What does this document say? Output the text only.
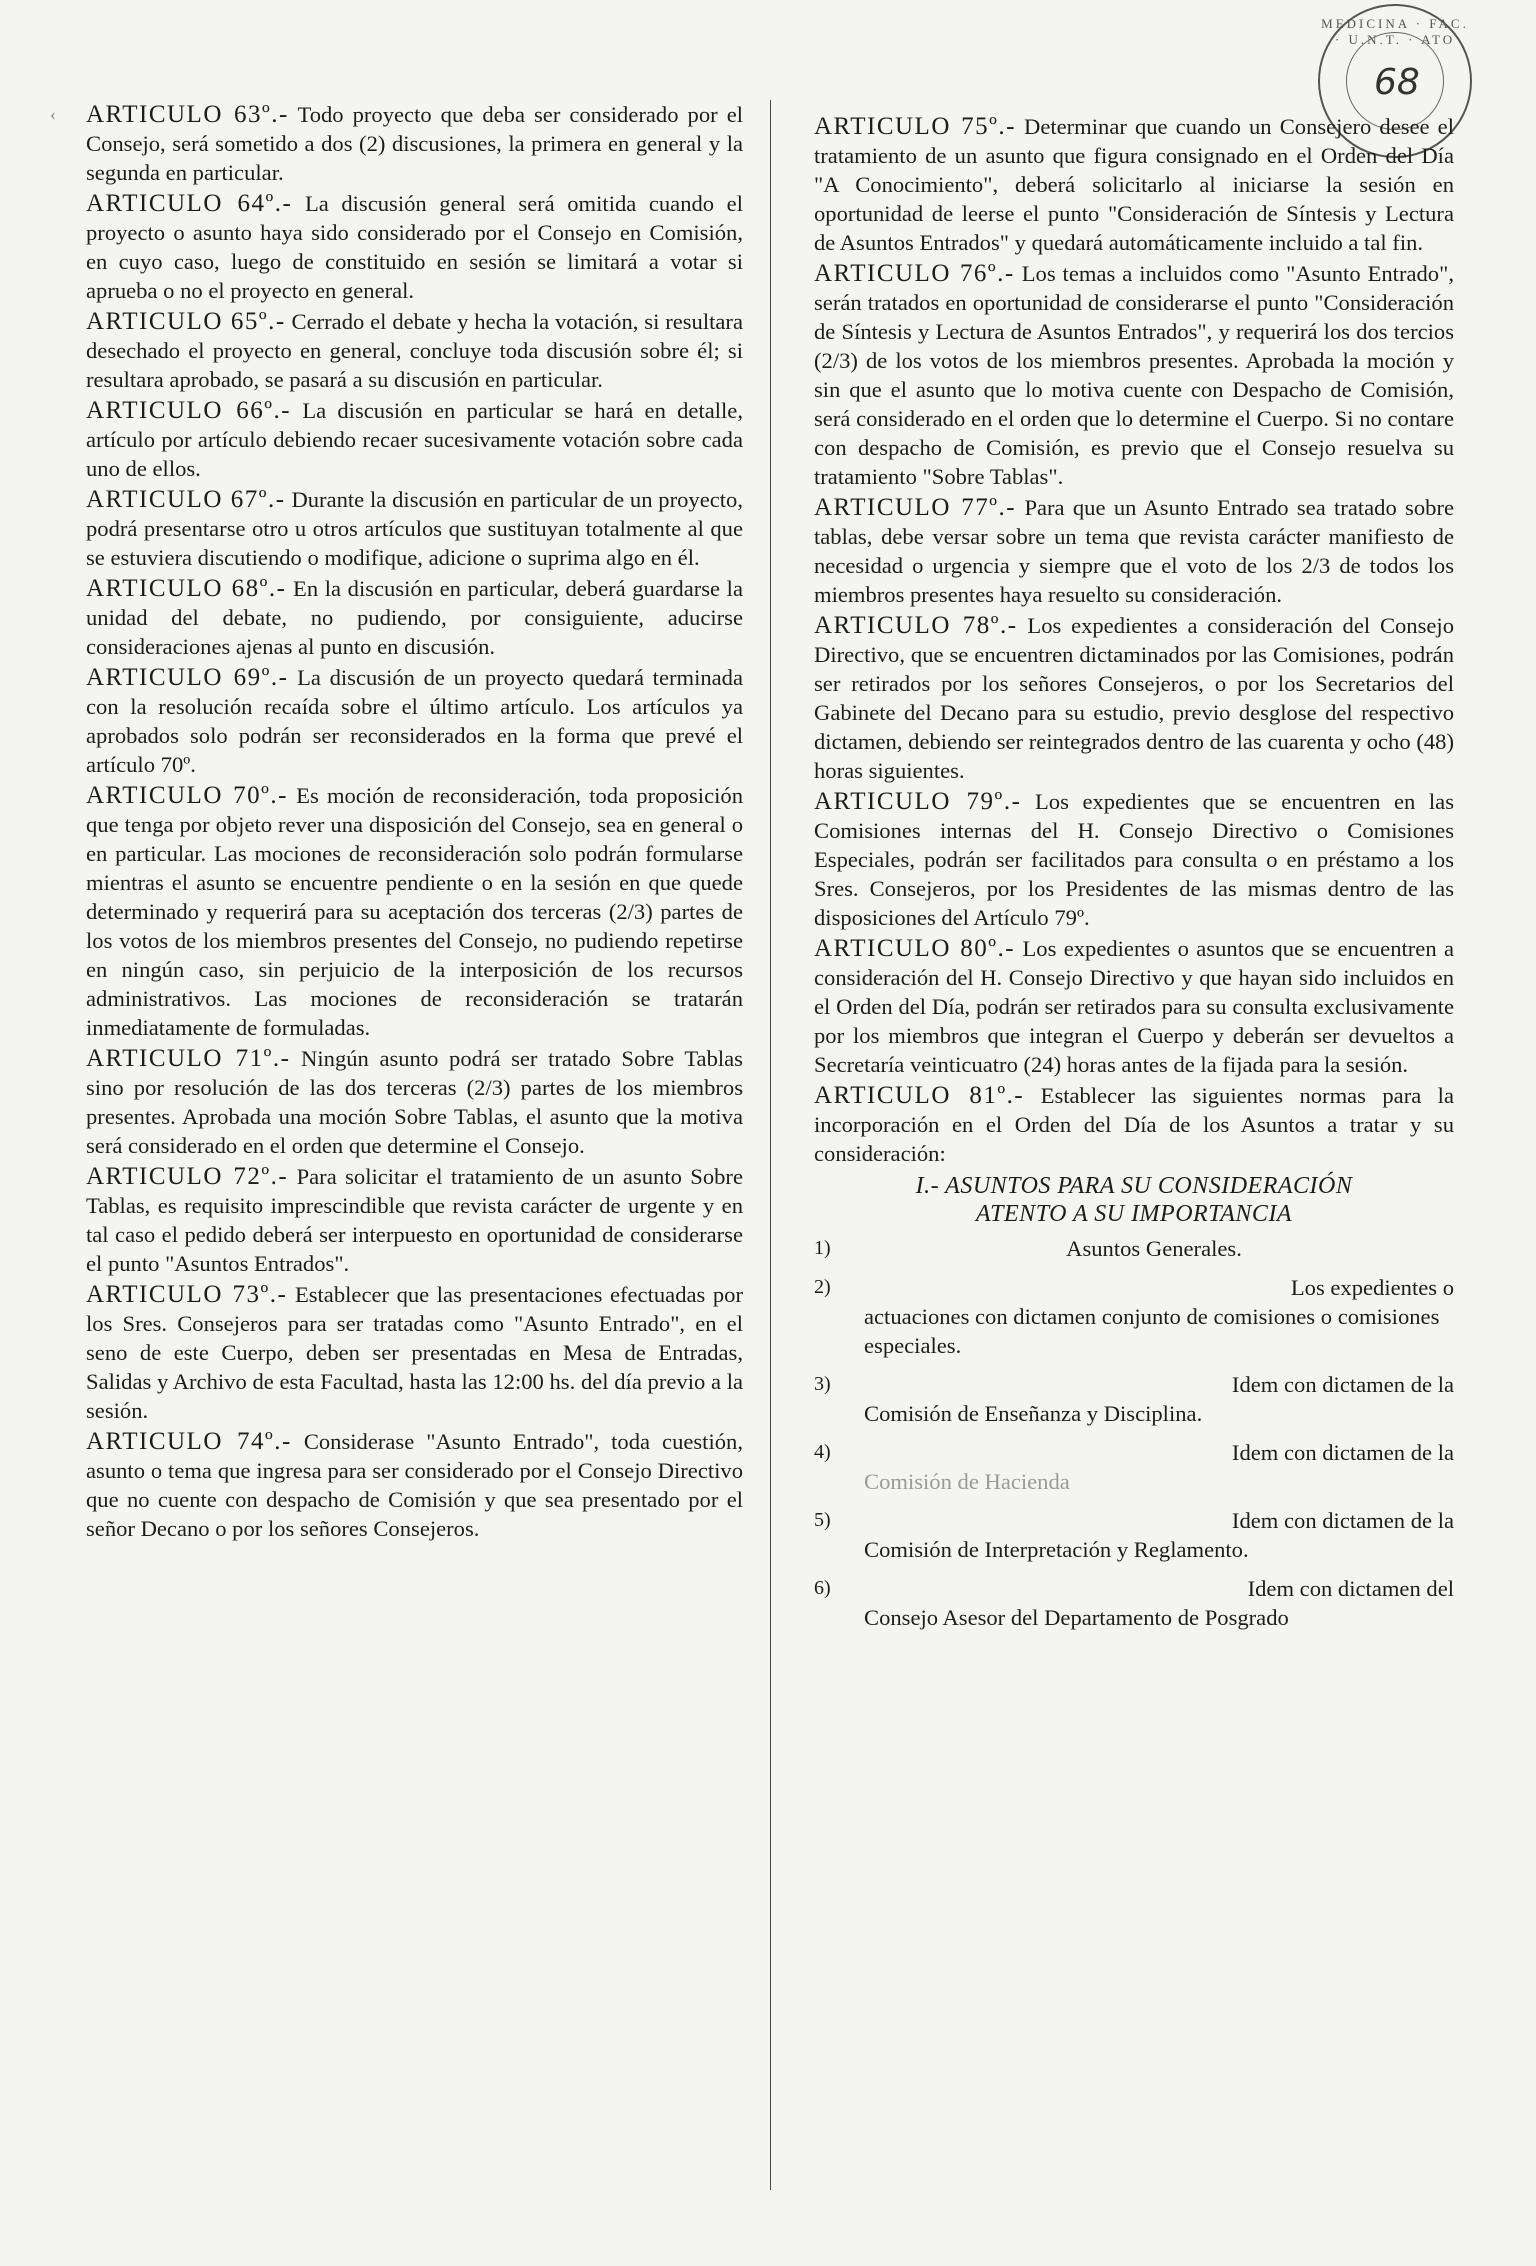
MEDICINA · FAC. · U.N.T. · ATO
68
‹ ARTICULO 63º.- Todo proyecto que deba ser considerado por el Consejo, será sometido a dos (2) discusiones, la primera en general y la segunda en particular.

ARTICULO 64º.- La discusión general será omitida cuando el proyecto o asunto haya sido considerado por el Consejo en Comisión, en cuyo caso, luego de constituido en sesión se limitará a votar si aprueba o no el proyecto en general.

ARTICULO 65º.- Cerrado el debate y hecha la votación, si resultara desechado el proyecto en general, concluye toda discusión sobre él; si resultara aprobado, se pasará a su discusión en particular.

ARTICULO 66º.- La discusión en particular se hará en detalle, artículo por artículo debiendo recaer sucesivamente votación sobre cada uno de ellos.

ARTICULO 67º.- Durante la discusión en particular de un proyecto, podrá presentarse otro u otros artículos que sustituyan totalmente al que se estuviera discutiendo o modifique, adicione o suprima algo en él.

ARTICULO 68º.- En la discusión en particular, deberá guardarse la unidad del debate, no pudiendo, por consiguiente, aducirse consideraciones ajenas al punto en discusión.

ARTICULO 69º.- La discusión de un proyecto quedará terminada con la resolución recaída sobre el último artículo. Los artículos ya aprobados solo podrán ser reconsiderados en la forma que prevé el artículo 70º.

ARTICULO 70º.- Es moción de reconsideración, toda proposición que tenga por objeto rever una disposición del Consejo, sea en general o en particular. Las mociones de reconsideración solo podrán formularse mientras el asunto se encuentre pendiente o en la sesión en que quede determinado y requerirá para su aceptación dos terceras (2/3) partes de los votos de los miembros presentes del Consejo, no pudiendo repetirse en ningún caso, sin perjuicio de la interposición de los recursos administrativos. Las mociones de reconsideración se tratarán inmediatamente de formuladas.

ARTICULO 71º.- Ningún asunto podrá ser tratado Sobre Tablas sino por resolución de las dos terceras (2/3) partes de los miembros presentes. Aprobada una moción Sobre Tablas, el asunto que la motiva será considerado en el orden que determine el Consejo.

ARTICULO 72º.- Para solicitar el tratamiento de un asunto Sobre Tablas, es requisito imprescindible que revista carácter de urgente y en tal caso el pedido deberá ser interpuesto en oportunidad de considerarse el punto "Asuntos Entrados".

ARTICULO 73º.- Establecer que las presentaciones efectuadas por los Sres. Consejeros para ser tratadas como "Asunto Entrado", en el seno de este Cuerpo, deben ser presentadas en Mesa de Entradas, Salidas y Archivo de esta Facultad, hasta las 12:00 hs. del día previo a la sesión.

ARTICULO 74º.- Considerase "Asunto Entrado", toda cuestión, asunto o tema que ingresa para ser considerado por el Consejo Directivo que no cuente con despacho de Comisión y que sea presentado por el señor Decano o por los señores Consejeros.

ARTICULO 75º.- Determinar que cuando un Consejero desee el tratamiento de un asunto que figura consignado en el Orden del Día "A Conocimiento", deberá solicitarlo al iniciarse la sesión en oportunidad de leerse el punto "Consideración de Síntesis y Lectura de Asuntos Entrados" y quedará automáticamente incluido a tal fin.

ARTICULO 76º.- Los temas a incluidos como "Asunto Entrado", serán tratados en oportunidad de considerarse el punto "Consideración de Síntesis y Lectura de Asuntos Entrados", y requerirá los dos tercios (2/3) de los votos de los miembros presentes. Aprobada la moción y sin que el asunto que lo motiva cuente con Despacho de Comisión, será considerado en el orden que lo determine el Cuerpo. Si no contare con despacho de Comisión, es previo que el Consejo resuelva su tratamiento "Sobre Tablas".

ARTICULO 77º.- Para que un Asunto Entrado sea tratado sobre tablas, debe versar sobre un tema que revista carácter manifiesto de necesidad o urgencia y siempre que el voto de los 2/3 de todos los miembros presentes haya resuelto su consideración.

ARTICULO 78º.- Los expedientes a consideración del Consejo Directivo, que se encuentren dictaminados por las Comisiones, podrán ser retirados por los señores Consejeros, o por los Secretarios del Gabinete del Decano para su estudio, previo desglose del respectivo dictamen, debiendo ser reintegrados dentro de las cuarenta y ocho (48) horas siguientes.

ARTICULO 79º.- Los expedientes que se encuentren en las Comisiones internas del H. Consejo Directivo o Comisiones Especiales, podrán ser facilitados para consulta o en préstamo a los Sres. Consejeros, por los Presidentes de las mismas dentro de las disposiciones del Artículo 79º.

ARTICULO 80º.- Los expedientes o asuntos que se encuentren a consideración del H. Consejo Directivo y que hayan sido incluidos en el Orden del Día, podrán ser retirados para su consulta exclusivamente por los miembros que integran el Cuerpo y deberán ser devueltos a Secretaría veinticuatro (24) horas antes de la fijada para la sesión.

ARTICULO 81º.- Establecer las siguientes normas para la incorporación en el Orden del Día de los Asuntos a tratar y su consideración:

I.- ASUNTOS PARA SU CONSIDERACIÓN
ATENTO A SU IMPORTANCIA
1)	Asuntos Generales.
2)	Los expedientes o
actuaciones con dictamen conjunto de comisiones o comisiones especiales.
3)	Idem con dictamen de la
Comisión de Enseñanza y Disciplina.
4)	Idem con dictamen de la
Comisión de Hacienda
5)	Idem con dictamen de la
Comisión de Interpretación y Reglamento.
6)	Idem con dictamen del
Consejo Asesor del Departamento de Posgrado
